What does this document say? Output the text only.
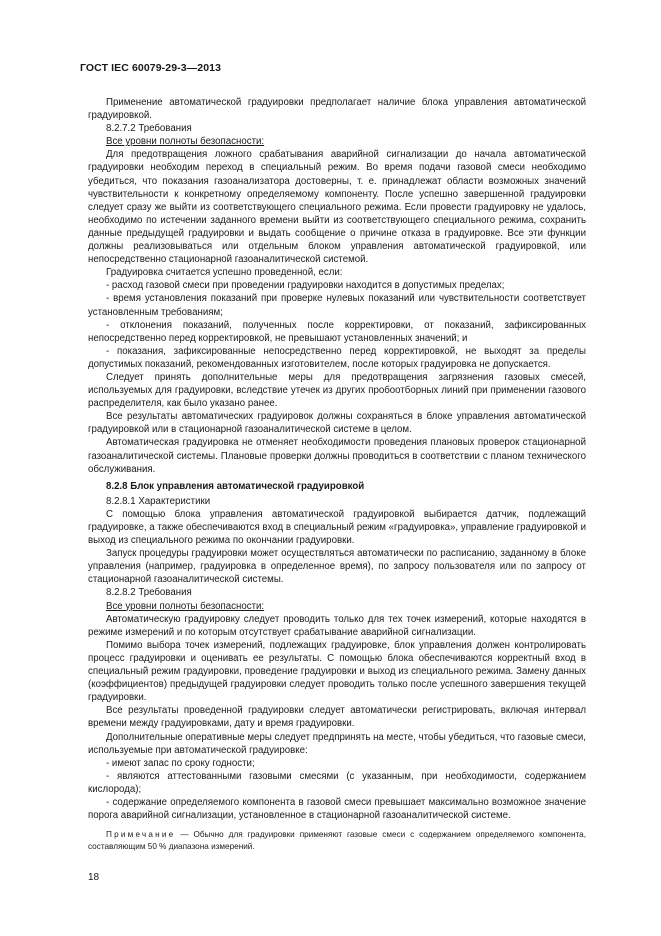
ГОСТ IEC 60079-29-3—2013

Применение автоматической градуировки предполагает наличие блока управления автоматической градуировкой.

8.2.7.2 Требования

Все уровни полноты безопасности:

Для предотвращения ложного срабатывания аварийной сигнализации до начала автоматической градуировки необходим переход в специальный режим. Во время подачи газовой смеси необходимо убедиться, что показания газоанализатора достоверны, т. е. принадлежат области возможных значений чувствительности к конкретному определяемому компоненту. После успешно завершенной градуировки следует сразу же выйти из соответствующего специального режима. Если провести градуировку не удалось, необходимо по истечении заданного времени выйти из соответствующего специального режима, сохранить данные предыдущей градуировки и выдать сообщение о причине отказа в градуировке. Все эти функции должны реализовываться или отдельным блоком управления автоматической градуировкой, или непосредственно стационарной газоаналитической системой.

Градуировка считается успешно проведенной, если:

- расход газовой смеси при проведении градуировки находится в допустимых пределах;

- время установления показаний при проверке нулевых показаний или чувствительности соответствует установленным требованиям;

- отклонения показаний, полученных после корректировки, от показаний, зафиксированных непосредственно перед корректировкой, не превышают установленных значений; и

- показания, зафиксированные непосредственно перед корректировкой, не выходят за пределы допустимых показаний, рекомендованных изготовителем, после которых градуировка не допускается.

Следует принять дополнительные меры для предотвращения загрязнения газовых смесей, используемых для градуировки, вследствие утечек из других пробоотборных линий при применении газового распределителя, как было указано ранее.

Все результаты автоматических градуировок должны сохраняться в блоке управления автоматической градуировкой или в стационарной газоаналитической системе в целом.

Автоматическая градуировка не отменяет необходимости проведения плановых проверок стационарной газоаналитической системы. Плановые проверки должны проводиться в соответствии с планом технического обслуживания.

8.2.8 Блок управления автоматической градуировкой

8.2.8.1 Характеристики

С помощью блока управления автоматической градуировкой выбирается датчик, подлежащий градуировке, а также обеспечиваются вход в специальный режим «градуировка», управление градуировкой и выход из специального режима по окончании градуировки.

Запуск процедуры градуировки может осуществляться автоматически по расписанию, заданному в блоке управления (например, градуировка в определенное время), по запросу пользователя или по запросу от стационарной газоаналитической системы.

8.2.8.2 Требования

Все уровни полноты безопасности:

Автоматическую градуировку следует проводить только для тех точек измерений, которые находятся в режиме измерений и по которым отсутствует срабатывание аварийной сигнализации.

Помимо выбора точек измерений, подлежащих градуировке, блок управления должен контролировать процесс градуировки и оценивать ее результаты. С помощью блока обеспечиваются корректный вход в специальный режим градуировки, проведение градуировки и выход из специального режима. Замену данных (коэффициентов) предыдущей градуировки следует проводить только после успешного завершения текущей градуировки.

Все результаты проведенной градуировки следует автоматически регистрировать, включая интервал времени между градуировками, дату и время градуировки.

Дополнительные оперативные меры следует предпринять на месте, чтобы убедиться, что газовые смеси, используемые при автоматической градуировке:

- имеют запас по сроку годности;

- являются аттестованными газовыми смесями (с указанным, при необходимости, содержанием кислорода);

- содержание определяемого компонента в газовой смеси превышает максимально возможное значение порога аварийной сигнализации, установленное в стационарной газоаналитической системе.

Примечание — Обычно для градуировки применяют газовые смеси с содержанием определяемого компонента, составляющим 50 % диапазона измерений.

18
